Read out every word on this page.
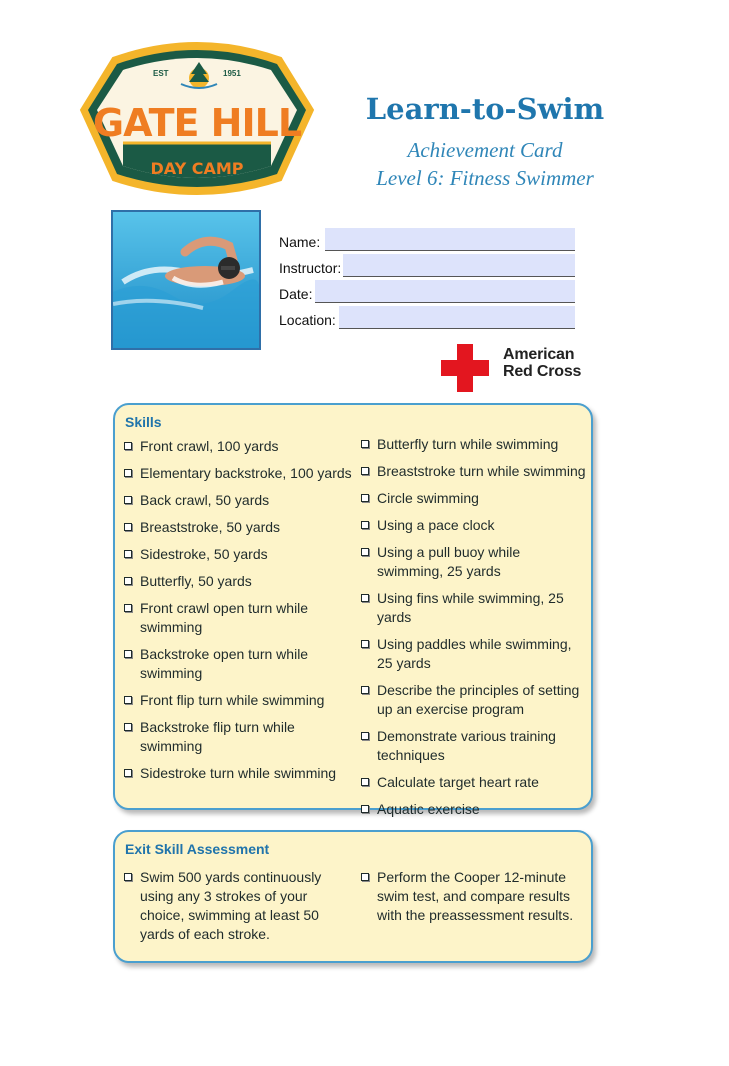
EST	1951
GATE HILL
DAY CAMP
Learn-to-Swim
Achievement Card
Level 6: Fitness Swimmer
Name:
Instructor:
Date:
Location:
American
Red Cross
Skills
Front crawl, 100 yards
Elementary backstroke, 100 yards
Back crawl, 50 yards
Breaststroke, 50 yards
Sidestroke, 50 yards
Butterfly, 50 yards
Front crawl open turn while swimming
Backstroke open turn while swimming
Front flip turn while swimming
Backstroke flip turn while swimming
Sidestroke turn while swimming
Butterfly turn while swimming
Breaststroke turn while swimming
Circle swimming
Using a pace clock
Using a pull buoy while swimming, 25 yards
Using fins while swimming, 25 yards
Using paddles while swimming, 25 yards
Describe the principles of setting up an exercise program
Demonstrate various training techniques
Calculate target heart rate
Aquatic exercise
Exit Skill Assessment
Swim 500 yards continuously using any 3 strokes of your choice, swimming at least 50 yards of each stroke.
Perform the Cooper 12-minute swim test, and compare results with the preassessment results.
